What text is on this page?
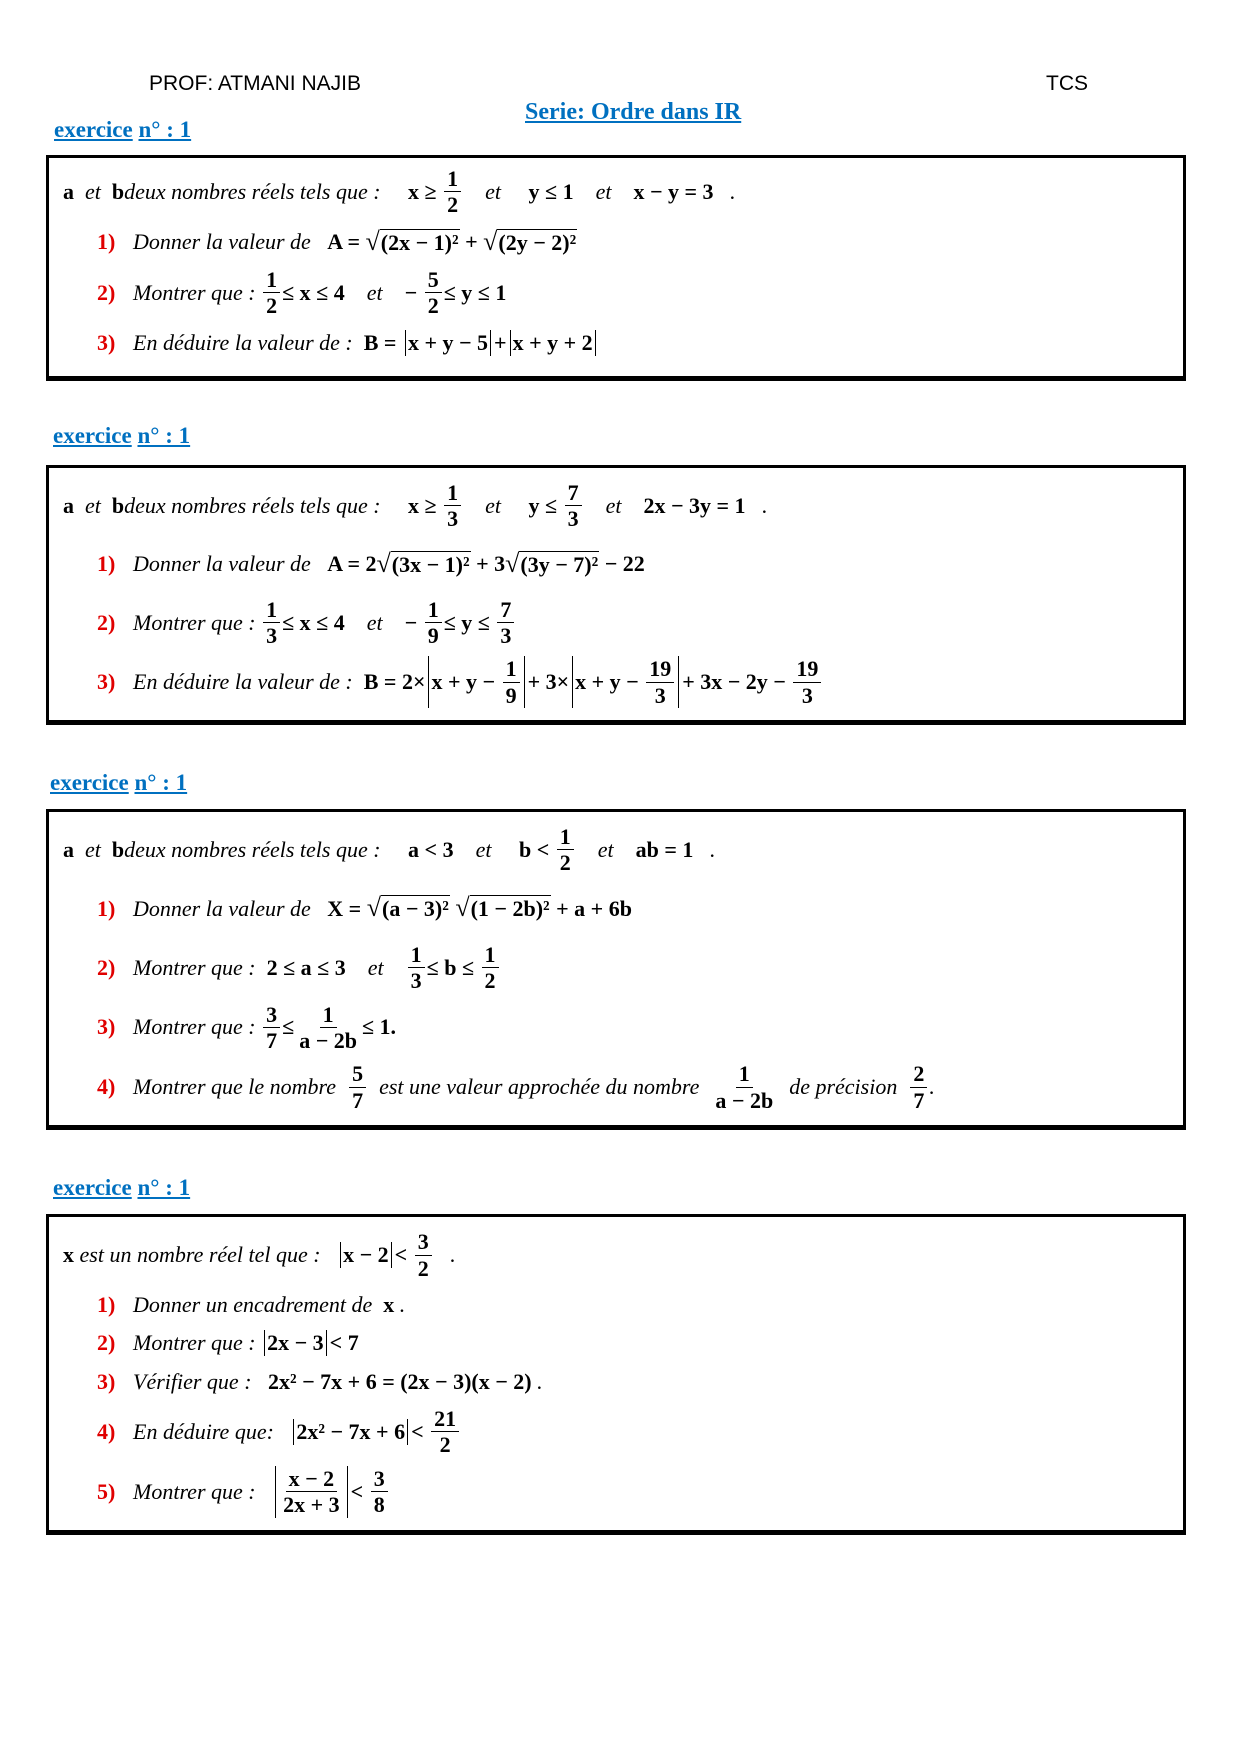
PROF: ATMANI NAJIB	TCS
Serie: Ordre dans IR
exercice n° : 1
a et b deux nombres réels tels que : $x \ge \frac{1}{2}$ et y ≤ 1 et x − y = 3 .
1) Donner la valeur de A = √ (2x − 1)² + √ (2y − 2)²
2) Montrer que : $\frac{1}{2} \le x \le 4$ et − $\frac{5}{2} \le y \le 1$
3) En déduire la valeur de : B = x + y − 5 + x + y + 2
exercice n° : 1
a et b deux nombres réels tels que : $x \ge \frac{1}{3}$ et $y \le \frac{7}{3}$ et 2x − 3y = 1 .
1) Donner la valeur de A = 2 √ (3x − 1)² + 3 √ (3y − 7)² − 22
2) Montrer que : $\frac{1}{3} \le x \le 4$ et − $\frac{1}{9} \le y \le \frac{7}{3}$
3) En déduire la valeur de : $B = 2\times x + y - \frac{1}{9} + 3\times x + y - \frac{19}{3} + 3x - 2y - \frac{19}{3}$
exercice n° : 1
a et b deux nombres réels tels que : a < 3 et $b < \frac{1}{2}$ et ab = 1 .
1) Donner la valeur de X = √ (a − 3)²
√ (1 − 2b)² + a + 6b
2) Montrer que : 2 ≤ a ≤ 3 et $\frac{1}{3} \le b \le \frac{1}{2}$
3) Montrer que : $\frac{3}{7} \le \frac{1}{a - 2b} \le 1$.
4) Montrer que le nombre $\frac{5}{7}$ est une valeur approchée du nombre $\frac{1}{a - 2b}$ de précision $\frac{2}{7}$ .
exercice n° : 1
x est un nombre réel tel que : $x - 2 < \frac{3}{2}$ .
1) Donner un encadrement de x .
2) Montrer que : 2x − 3 < 7
3) Vérifier que : 2x² − 7x + 6 = (2x − 3)(x − 2) .
4) En déduire que: $2x^2 - 7x + 6 < \frac{21}{2}$
5) Montrer que : $\frac{x - 2}{2x + 3} < \frac{3}{8}$
